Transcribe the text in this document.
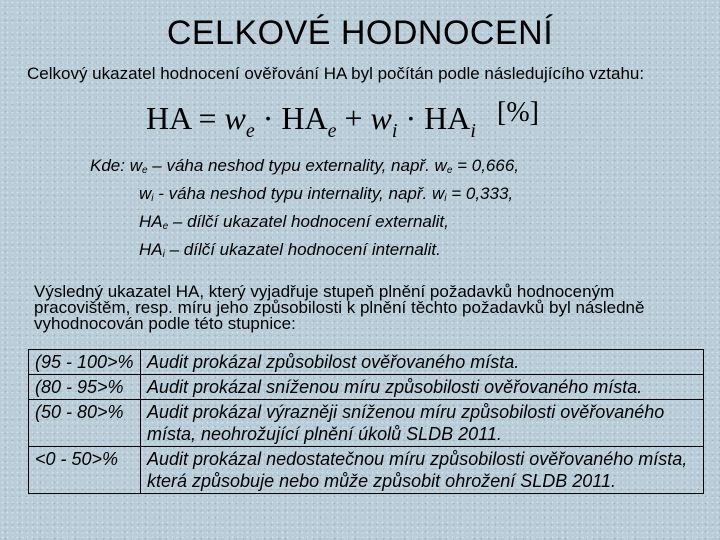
CELKOVÉ HODNOCENÍ
Celkový ukazatel hodnocení ověřování HA byl počítán podle následujícího vztahu:
HA = $w_e \cdot HA_e + w_i \cdot HA_i$
[%]
Kde: $w_e$ – váha neshod typu externality, např. $w_e = 0,666$,
$w_i$ - váha neshod typu internality, např. $w_i = 0,333$,
$HA_e$ – dílčí ukazatel hodnocení externalit,
$HA_i$ – dílčí ukazatel hodnocení internalit.
Výsledný ukazatel HA, který vyjadřuje stupeň plnění požadavků hodnoceným pracovištěm, resp. míru jeho způsobilosti k plnění těchto požadavků byl následně vyhodnocován podle této stupnice:
(95 - 100>%	Audit prokázal způsobilost ověřovaného místa.
(80 - 95>%	Audit prokázal sníženou míru způsobilosti ověřovaného místa.
(50 - 80>%	Audit prokázal výrazněji sníženou míru způsobilosti ověřovaného místa, neohrožující plnění úkolů SLDB 2011.
<0 - 50>%	Audit prokázal nedostatečnou míru způsobilosti ověřovaného místa, která způsobuje nebo může způsobit ohrožení SLDB 2011.
